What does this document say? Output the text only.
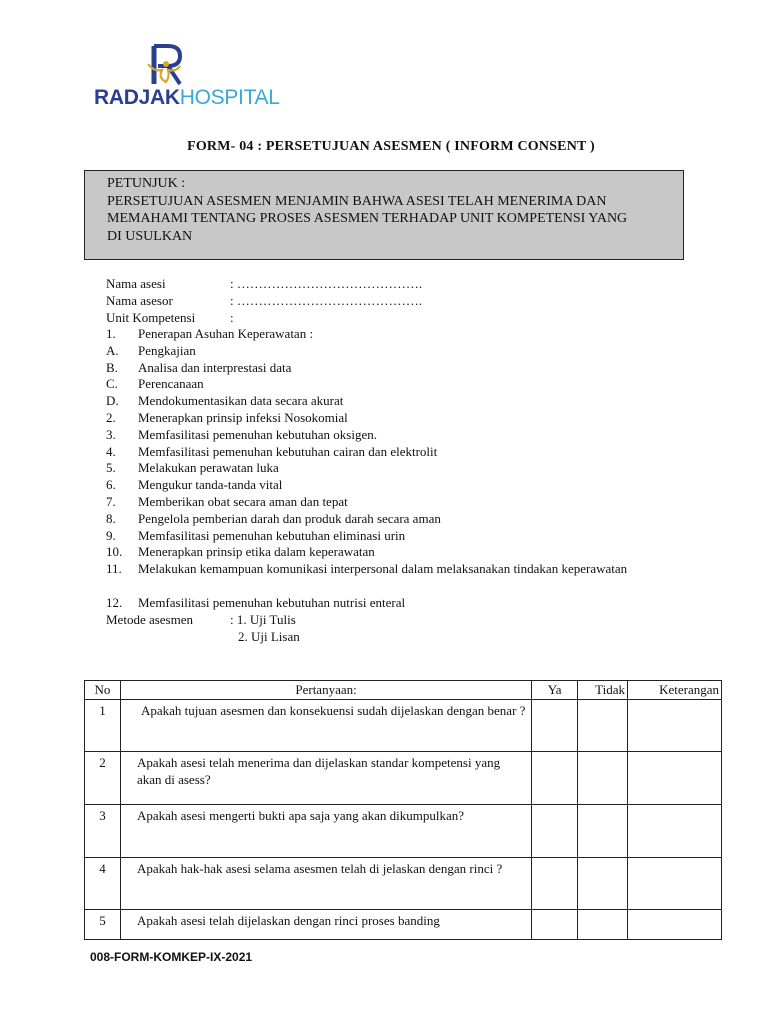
RADJAKHOSPITAL
FORM- 04 : PERSETUJUAN ASESMEN ( INFORM CONSENT )
PETUNJUK :
PERSETUJUAN ASESMEN MENJAMIN BAHWA ASESI TELAH MENERIMA DAN
MEMAHAMI TENTANG PROSES ASESMEN TERHADAP UNIT KOMPETENSI YANG
DI USULKAN
Nama asesi	: …………………………………….
Nama asesor	: …………………………………….
Unit Kompetensi	:
1.	Penerapan Asuhan Keperawatan :
A.	Pengkajian
B.	Analisa dan interprestasi data
C.	Perencanaan
D.	Mendokumentasikan data secara akurat
2.	Menerapkan prinsip infeksi Nosokomial
3.	Memfasilitasi pemenuhan kebutuhan oksigen.
4.	Memfasilitasi pemenuhan kebutuhan cairan dan elektrolit
5.	Melakukan perawatan luka
6.	Mengukur tanda-tanda vital
7.	Memberikan obat secara aman dan tepat
8.	Pengelola pemberian darah dan produk darah secara aman
9.	Memfasilitasi pemenuhan kebutuhan eliminasi urin
10.	Menerapkan prinsip etika dalam keperawatan
11.	Melakukan kemampuan komunikasi interpersonal dalam melaksanakan tindakan keperawatan
12.	Memfasilitasi pemenuhan kebutuhan nutrisi enteral
Metode asesmen	: 1. Uji Tulis
2. Uji Lisan
No	Pertanyaan:	Ya	Tidak	Keterangan
1	Apakah tujuan asesmen dan konsekuensi sudah dijelaskan dengan benar ?			

2	Apakah asesi telah menerima dan dijelaskan standar kompetensi yang akan di asess?			

3	Apakah asesi mengerti bukti apa saja yang akan dikumpulkan?			

4	Apakah hak-hak asesi selama asesmen telah di jelaskan dengan rinci ?			

5	Apakah asesi telah dijelaskan dengan rinci proses banding			

008-FORM-KOMKEP-IX-2021
